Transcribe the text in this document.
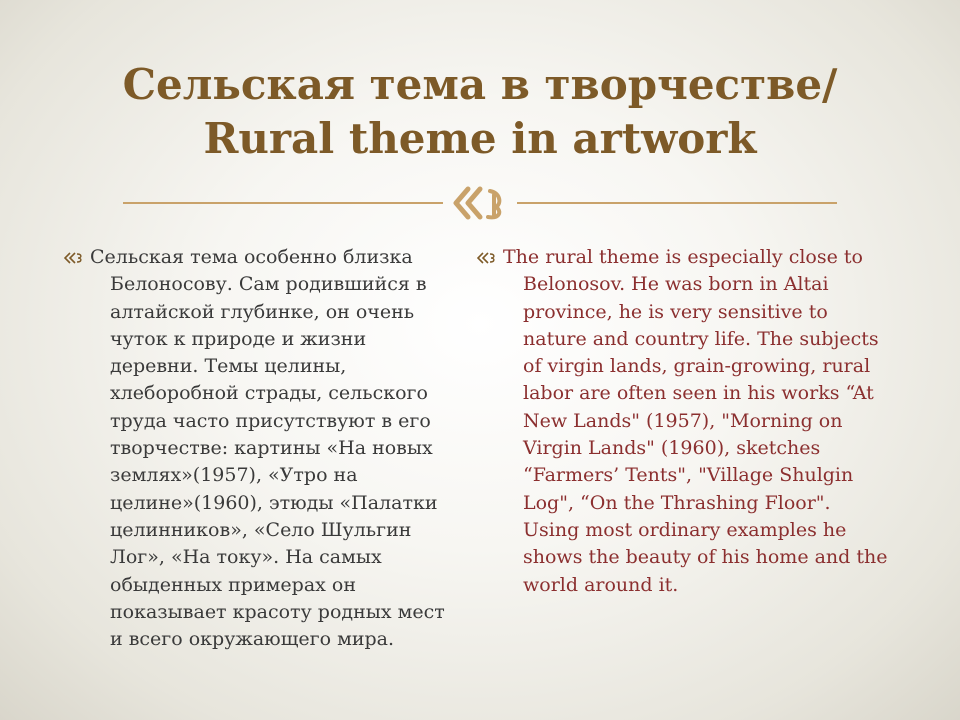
Сельская тема в творчестве/
Rural theme in artwork

Сельская тема особенно близка Белоносову. Сам родившийся в алтайской глубинке, он очень чуток к природе и жизни деревни. Темы целины, хлеборобной страды, сельского труда часто присутствуют в его творчестве: картины «На новых землях»(1957), «Утро на целине»(1960), этюды «Палатки целинников», «Село Шульгин Лог», «На току». На самых обыденных примерах он показывает красоту родных мест и всего окружающего мира.

The rural theme is especially close to Belonosov. He was born in Altai province, he is very sensitive to nature and country life. The subjects of virgin lands, grain-growing, rural labor are often seen in his works “At New Lands" (1957), "Morning on Virgin Lands" (1960), sketches “Farmers’ Tents", "Village Shulgin Log", “On the Thrashing Floor". Using most ordinary examples he shows the beauty of his home and the world around it.
